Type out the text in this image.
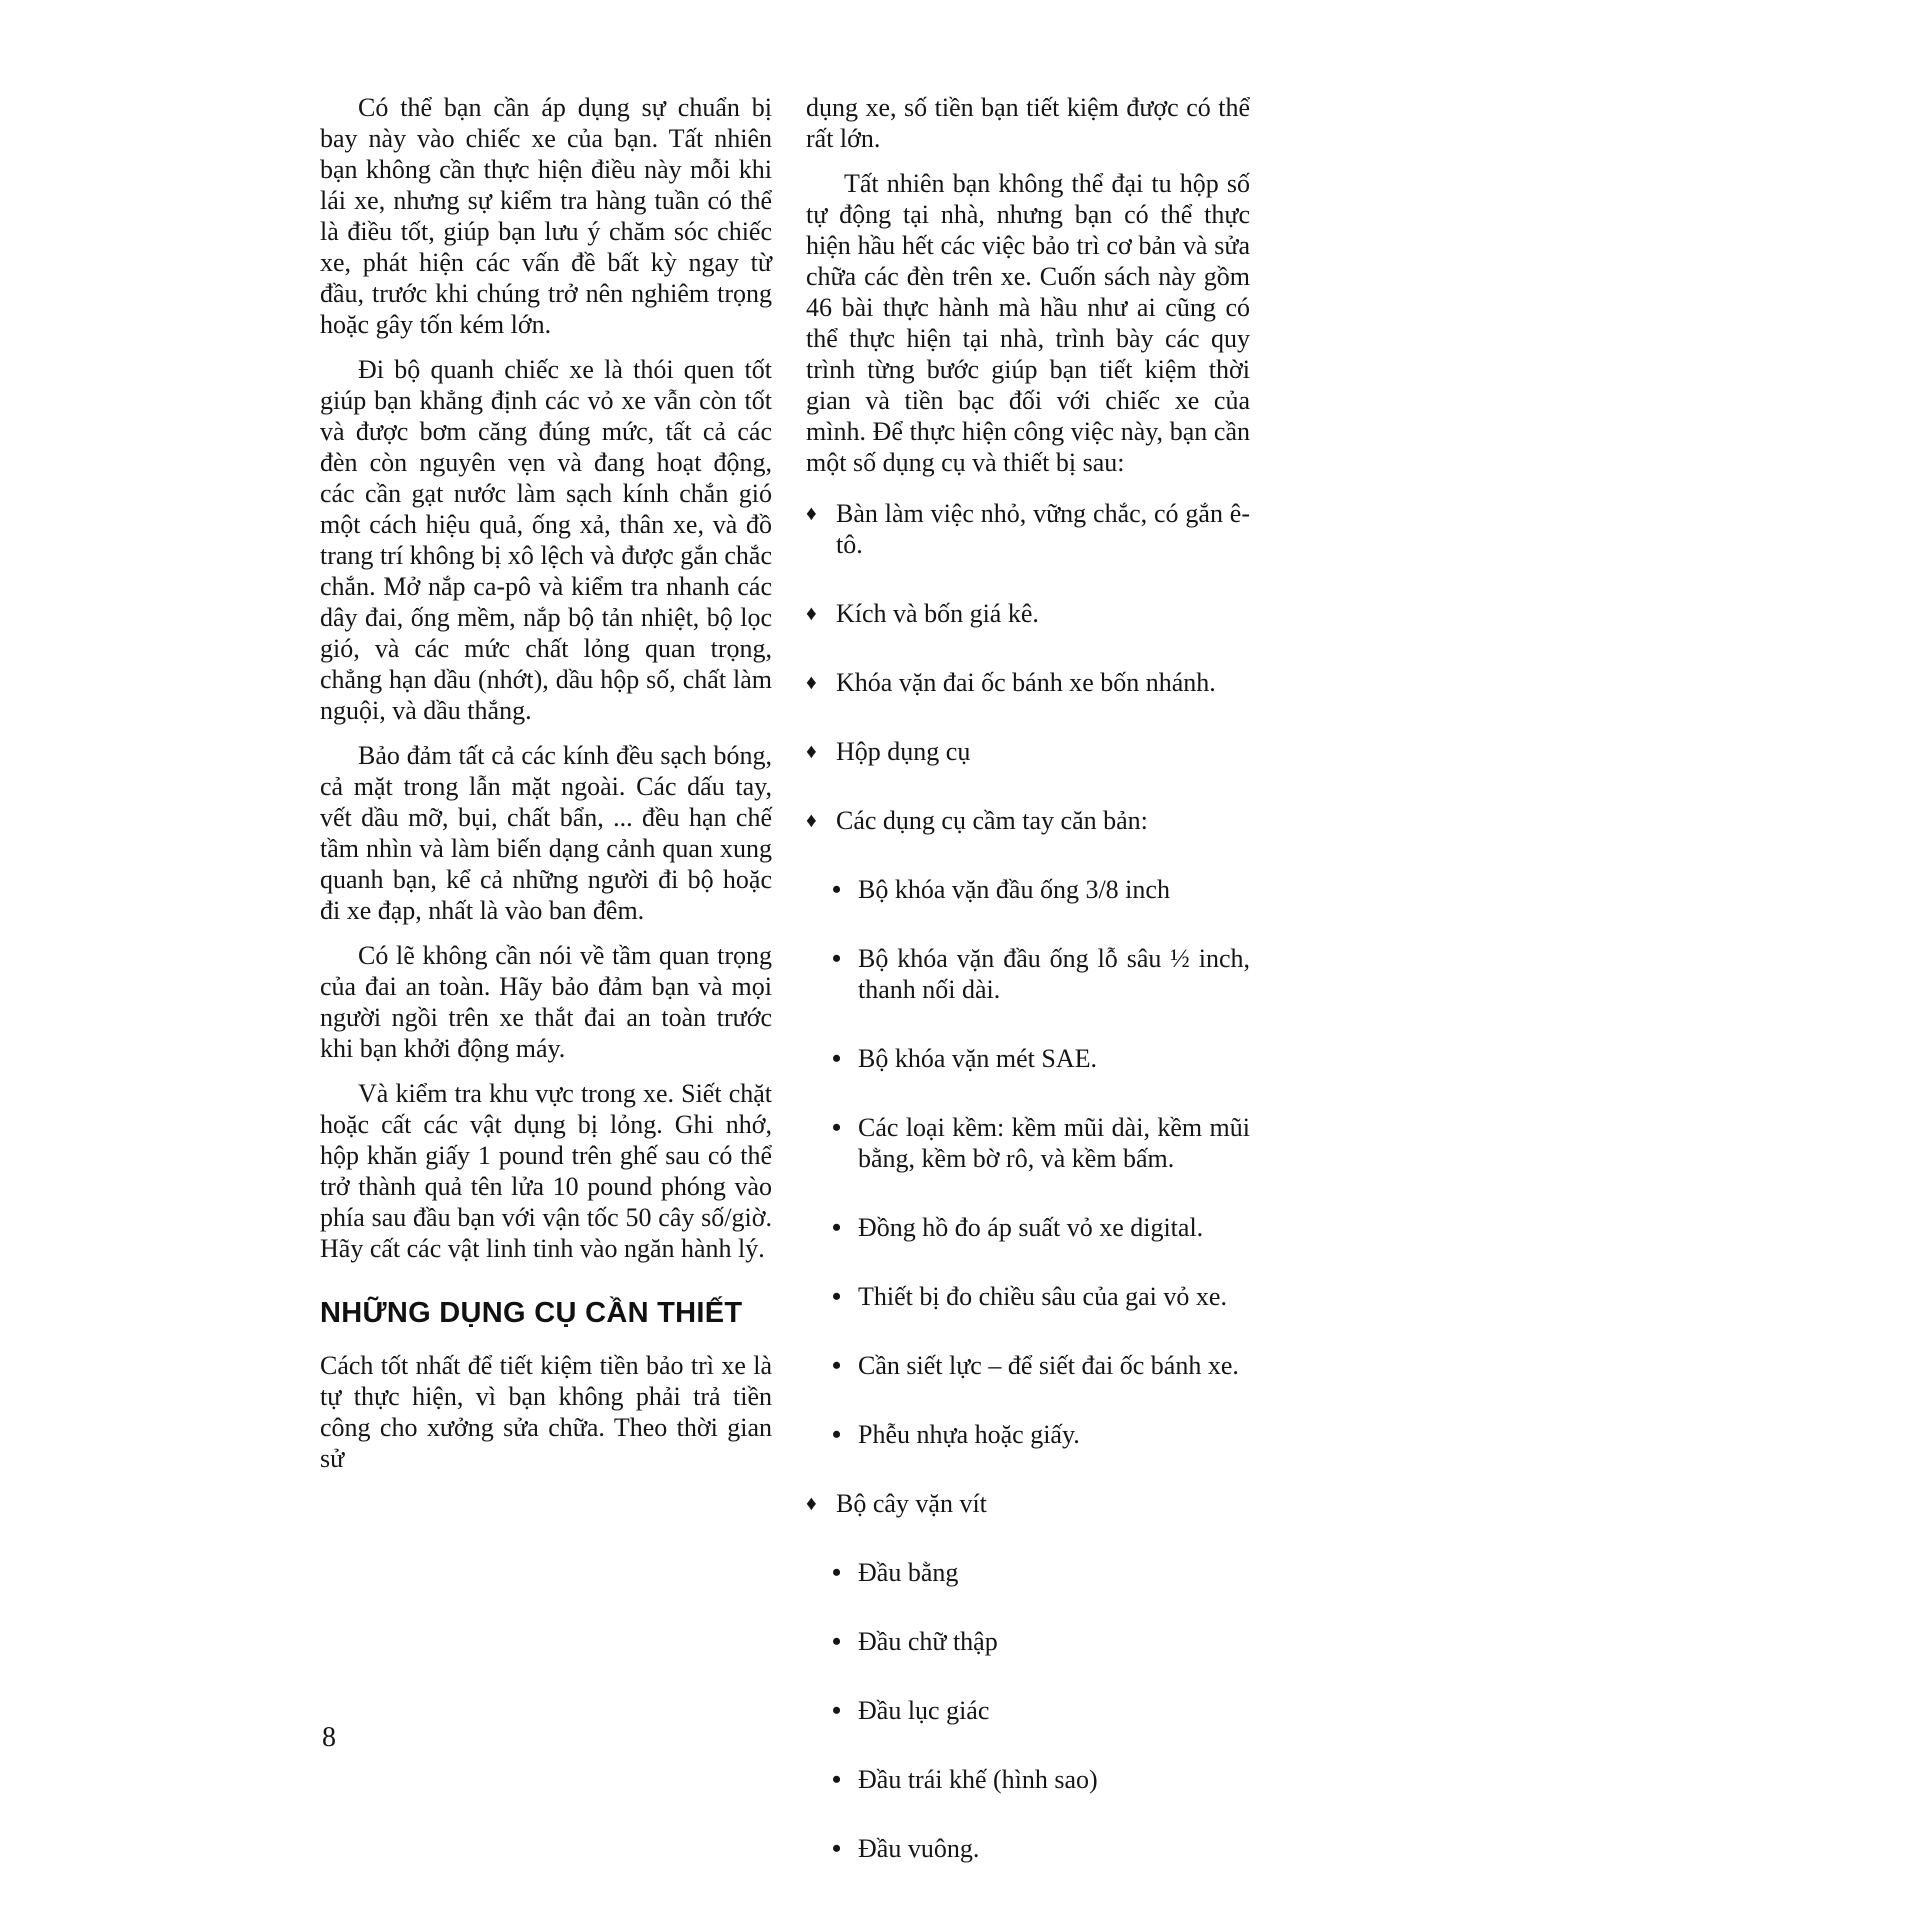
Có thể bạn cần áp dụng sự chuẩn bị bay này vào chiếc xe của bạn. Tất nhiên bạn không cần thực hiện điều này mỗi khi lái xe, nhưng sự kiểm tra hàng tuần có thể là điều tốt, giúp bạn lưu ý chăm sóc chiếc xe, phát hiện các vấn đề bất kỳ ngay từ đầu, trước khi chúng trở nên nghiêm trọng hoặc gây tốn kém lớn.

Đi bộ quanh chiếc xe là thói quen tốt giúp bạn khẳng định các vỏ xe vẫn còn tốt và được bơm căng đúng mức, tất cả các đèn còn nguyên vẹn và đang hoạt động, các cần gạt nước làm sạch kính chắn gió một cách hiệu quả, ống xả, thân xe, và đồ trang trí không bị xô lệch và được gắn chắc chắn. Mở nắp ca-pô và kiểm tra nhanh các dây đai, ống mềm, nắp bộ tản nhiệt, bộ lọc gió, và các mức chất lỏng quan trọng, chẳng hạn dầu (nhớt), dầu hộp số, chất làm nguội, và dầu thắng.

Bảo đảm tất cả các kính đều sạch bóng, cả mặt trong lẫn mặt ngoài. Các dấu tay, vết dầu mỡ, bụi, chất bẩn, ... đều hạn chế tầm nhìn và làm biến dạng cảnh quan xung quanh bạn, kể cả những người đi bộ hoặc đi xe đạp, nhất là vào ban đêm.

Có lẽ không cần nói về tầm quan trọng của đai an toàn. Hãy bảo đảm bạn và mọi người ngồi trên xe thắt đai an toàn trước khi bạn khởi động máy.

Và kiểm tra khu vực trong xe. Siết chặt hoặc cất các vật dụng bị lỏng. Ghi nhớ, hộp khăn giấy 1 pound trên ghế sau có thể trở thành quả tên lửa 10 pound phóng vào phía sau đầu bạn với vận tốc 50 cây số/giờ. Hãy cất các vật linh tinh vào ngăn hành lý.

NHỮNG DỤNG CỤ CẦN THIẾT

Cách tốt nhất để tiết kiệm tiền bảo trì xe là tự thực hiện, vì bạn không phải trả tiền công cho xưởng sửa chữa. Theo thời gian sử

dụng xe, số tiền bạn tiết kiệm được có thể rất lớn.

Tất nhiên bạn không thể đại tu hộp số tự động tại nhà, nhưng bạn có thể thực hiện hầu hết các việc bảo trì cơ bản và sửa chữa các đèn trên xe. Cuốn sách này gồm 46 bài thực hành mà hầu như ai cũng có thể thực hiện tại nhà, trình bày các quy trình từng bước giúp bạn tiết kiệm thời gian và tiền bạc đối với chiếc xe của mình. Để thực hiện công việc này, bạn cần một số dụng cụ và thiết bị sau:

♦ Bàn làm việc nhỏ, vững chắc, có gắn ê-tô.
♦ Kích và bốn giá kê.
♦ Khóa vặn đai ốc bánh xe bốn nhánh.
♦ Hộp dụng cụ
♦ Các dụng cụ cầm tay căn bản:
• Bộ khóa vặn đầu ống 3/8 inch
• Bộ khóa vặn đầu ống lỗ sâu ½ inch, thanh nối dài.
• Bộ khóa vặn mét SAE.
• Các loại kềm: kềm mũi dài, kềm mũi bằng, kềm bờ rô, và kềm bấm.
• Đồng hồ đo áp suất vỏ xe digital.
• Thiết bị đo chiều sâu của gai vỏ xe.
• Cần siết lực – để siết đai ốc bánh xe.
• Phễu nhựa hoặc giấy.
♦ Bộ cây vặn vít
• Đầu bằng
• Đầu chữ thập
• Đầu lục giác
• Đầu trái khế (hình sao)
• Đầu vuông.
8
